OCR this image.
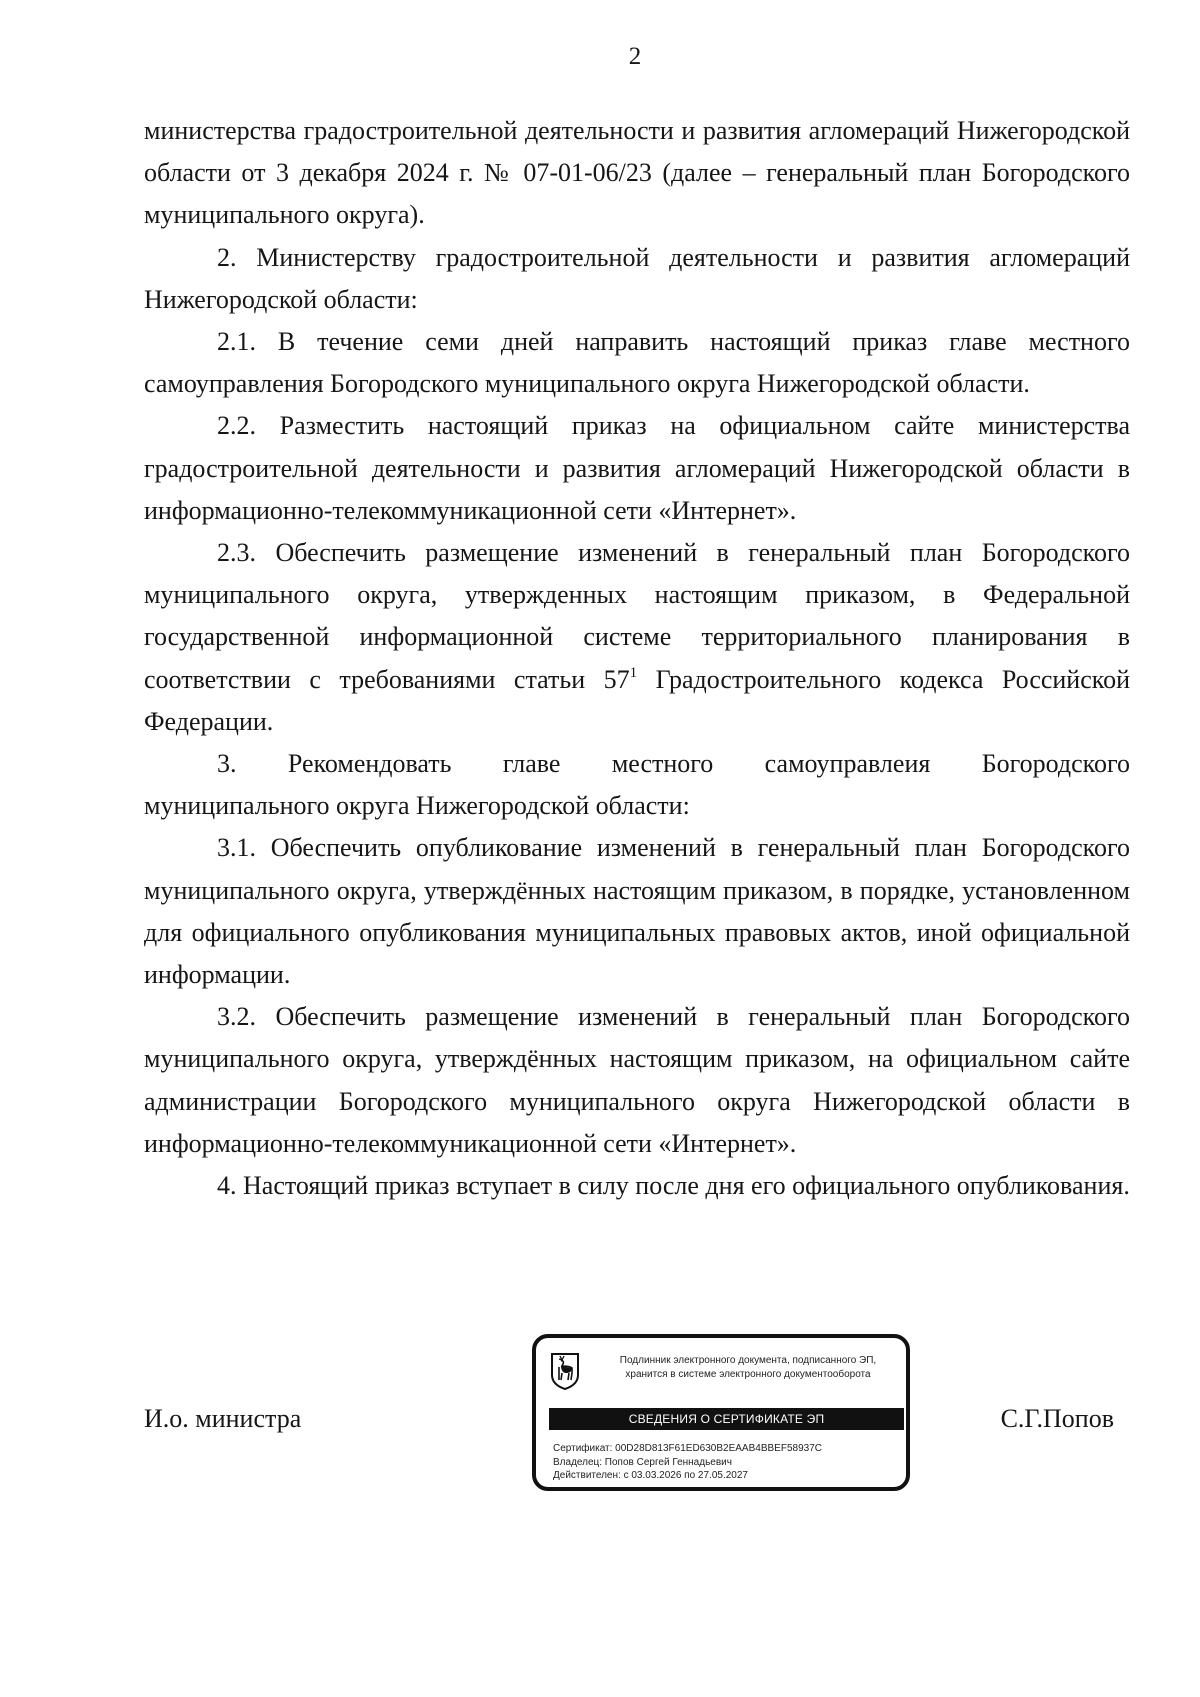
2

министерства градостроительной деятельности и развития агломераций Нижегородской области от 3 декабря 2024 г. № 07-01-06/23 (далее – генеральный план Богородского муниципального округа).

2. Министерству градостроительной деятельности и развития агломераций Нижегородской области:

2.1. В течение семи дней направить настоящий приказ главе местного самоуправления Богородского муниципального округа Нижегородской области.

2.2. Разместить настоящий приказ на официальном сайте министерства градостроительной деятельности и развития агломераций Нижегородской области в информационно-телекоммуникационной сети «Интернет».

2.3. Обеспечить размещение изменений в генеральный план Богородского муниципального округа, утвержденных настоящим приказом, в Федеральной государственной информационной системе территориального планирования в соответствии с требованиями статьи $57^1$ Градостроительного кодекса Российской Федерации.

3. Рекомендовать главе местного самоуправлеия Богородского

муниципального округа Нижегородской области:

3.1. Обеспечить опубликование изменений в генеральный план Богородского муниципального округа, утверждённых настоящим приказом, в порядке, установленном для официального опубликования муниципальных правовых актов, иной официальной информации.

3.2. Обеспечить размещение изменений в генеральный план Богородского муниципального округа, утверждённых настоящим приказом, на официальном сайте администрации Богородского муниципального округа Нижегородской области в информационно-телекоммуникационной сети «Интернет».

4. Настоящий приказ вступает в силу после дня его официального опубликования.

И.о. министра
Подлинник электронного документа, подписанного ЭП,
хранится в системе электронного документооборота
СВЕДЕНИЯ О СЕРТИФИКАТЕ ЭП
Сертификат: 00D28D813F61ED630B2EAAB4BBEF58937C
Владелец: Попов Сергей Геннадьевич
Действителен: с 03.03.2026 по 27.05.2027
С.Г.Попов
